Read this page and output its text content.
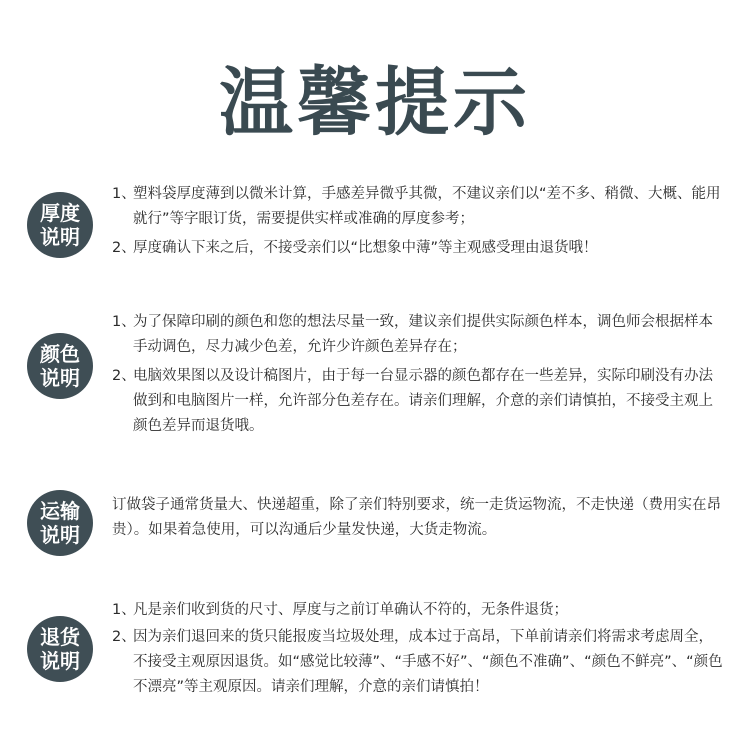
温馨提示
厚度
说明
1、
塑料袋厚度薄到以微米计算，手感差异微乎其微，不建议亲们以“差不多、稍微、大概、能用就行”等字眼订货，需要提供实样或准确的厚度参考；
2、
厚度确认下来之后，不接受亲们以“比想象中薄”等主观感受理由退货哦！
颜色
说明
1、
为了保障印刷的颜色和您的想法尽量一致，建议亲们提供实际颜色样本，调色师会根据样本手动调色，尽力减少色差，允许少许颜色差异存在；
2、
电脑效果图以及设计稿图片，由于每一台显示器的颜色都存在一些差异，实际印刷没有办法做到和电脑图片一样，允许部分色差存在。请亲们理解，介意的亲们请慎拍，不接受主观上颜色差异而退货哦。
运输
说明
订做袋子通常货量大、快递超重，除了亲们特别要求，统一走货运物流，不走快递（费用实在昂贵）。如果着急使用，可以沟通后少量发快递，大货走物流。
退货
说明
1、
凡是亲们收到货的尺寸、厚度与之前订单确认不符的，无条件退货；
2、
因为亲们退回来的货只能报废当垃圾处理，成本过于高昂，下单前请亲们将需求考虑周全，不接受主观原因退货。如“感觉比较薄”、“手感不好”、“颜色不准确”、“颜色不鲜亮”、“颜色不漂亮”等主观原因。请亲们理解，介意的亲们请慎拍！
